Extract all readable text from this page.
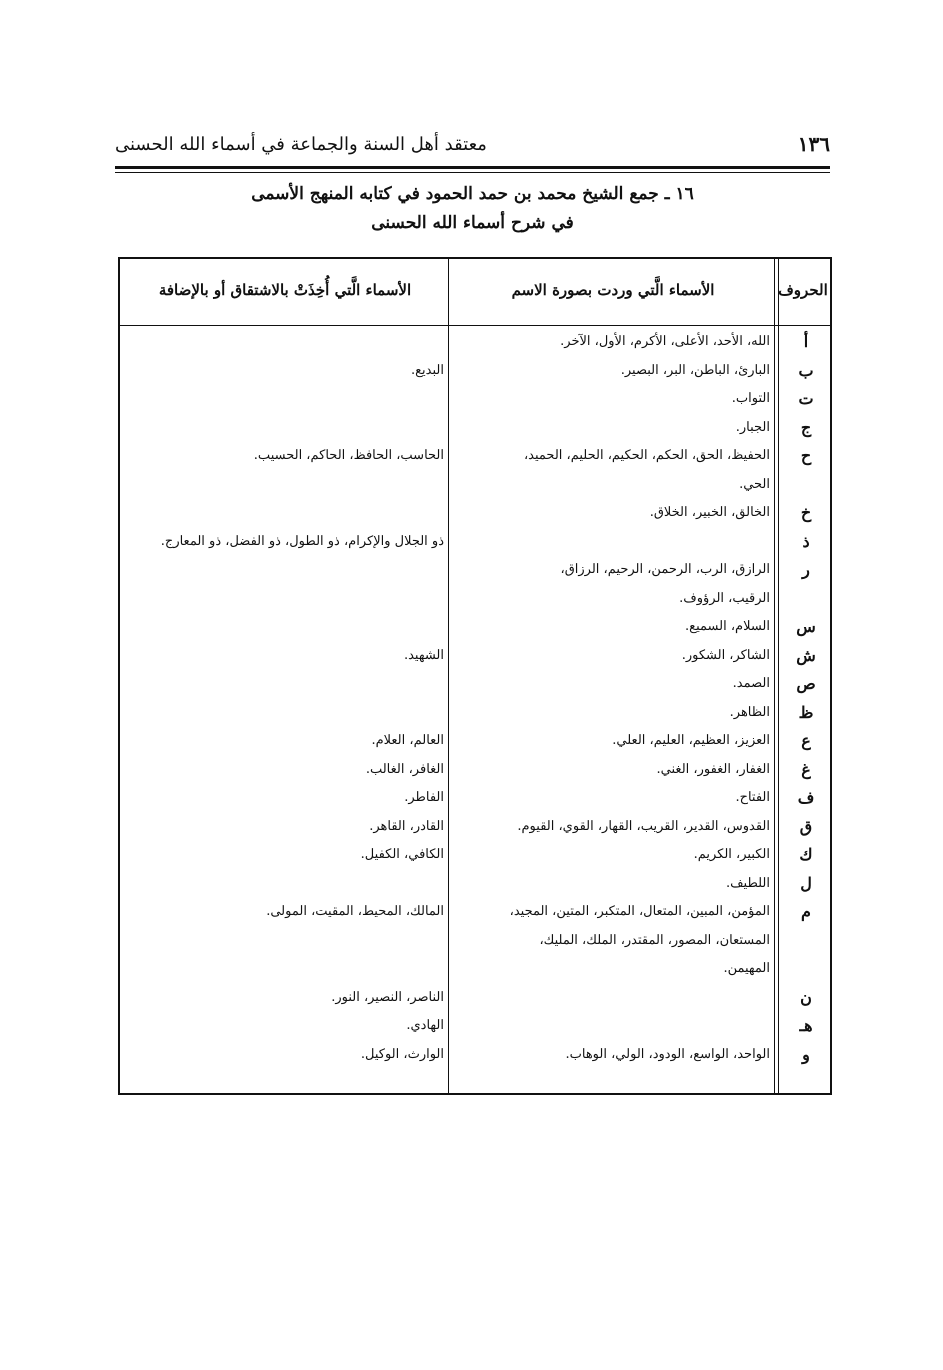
١٣٦
معتقد أهل السنة والجماعة في أسماء الله الحسنى
١٦ ـ جمع الشيخ محمد بن حمد الحمود في كتابه المنهج الأسمى
في شرح أسماء الله الحسنى
الحروف
الأسماء الَّتي وردت بصورة الاسم
الأسماء الَّتي أُخِذَتْ بالاشتقاق أو بالإضافة
أ
الله، الأحد، الأعلى، الأكرم، الأول، الآخر.
ب
البارئ، الباطن، البر، البصير.
البديع.
ت
التواب.
ج
الجبار.
ح
الحفيظ، الحق، الحكم، الحكيم، الحليم، الحميد،
الحاسب، الحافظ، الحاكم، الحسيب.
الحي.
خ
الخالق، الخبير، الخلاق.
ذ
ذو الجلال والإكرام، ذو الطول، ذو الفضل، ذو المعارج.
ر
الرازق، الرب، الرحمن، الرحيم، الرزاق،
الرقيب، الرؤوف.
س
السلام، السميع.
ش
الشاكر، الشكور.
الشهيد.
ص
الصمد.
ظ
الظاهر.
ع
العزيز، العظيم، العليم، العلي.
العالم، العلام.
غ
الغفار، الغفور، الغني.
الغافر، الغالب.
ف
الفتاح.
الفاطر.
ق
القدوس، القدير، القريب، القهار، القوي، القيوم.
القادر، القاهر.
ك
الكبير، الكريم.
الكافي، الكفيل.
ل
اللطيف.
م
المؤمن، المبين، المتعال، المتكبر، المتين، المجيد،
المالك، المحيط، المقيت، المولى.
المستعان، المصور، المقتدر، الملك، المليك،
المهيمن.
ن
الناصر، النصير، النور.
هـ
الهادي.
و
الواحد، الواسع، الودود، الولي، الوهاب.
الوارث، الوكيل.
